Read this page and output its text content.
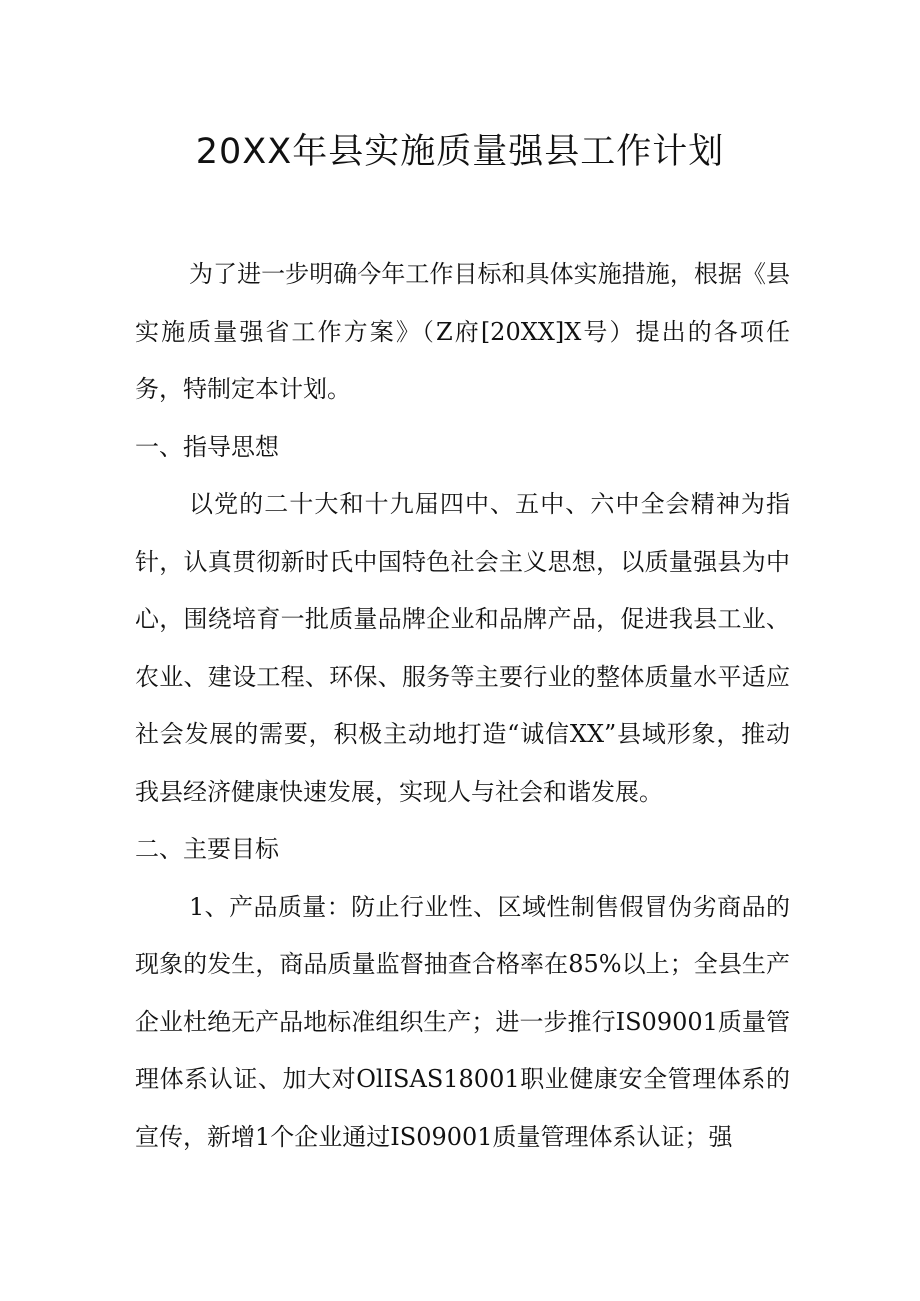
20XX年县实施质量强县工作计划

为了进一步明确今年工作目标和具体实施措施，根据《县实施质量强省工作方案》（Z府[20XX]X号）提出的各项任务，特制定本计划。

一、指导思想

以党的二十大和十九届四中、五中、六中全会精神为指针，认真贯彻新时氏中国特色社会主义思想，以质量强县为中心，围绕培育一批质量品牌企业和品牌产品，促进我县工业、农业、建设工程、环保、服务等主要行业的整体质量水平适应社会发展的需要，积极主动地打造“诚信XX”县域形象，推动我县经济健康快速发展，实现人与社会和谐发展。

二、主要目标

1、产品质量：防止行业性、区域性制售假冒伪劣商品的现象的发生，商品质量监督抽查合格率在85%以上；全县生产企业杜绝无产品地标准组织生产；进一步推行IS09001质量管理体系认证、加大对OlISAS18001职业健康安全管理体系的宣传，新增1个企业通过IS09001质量管理体系认证；强
